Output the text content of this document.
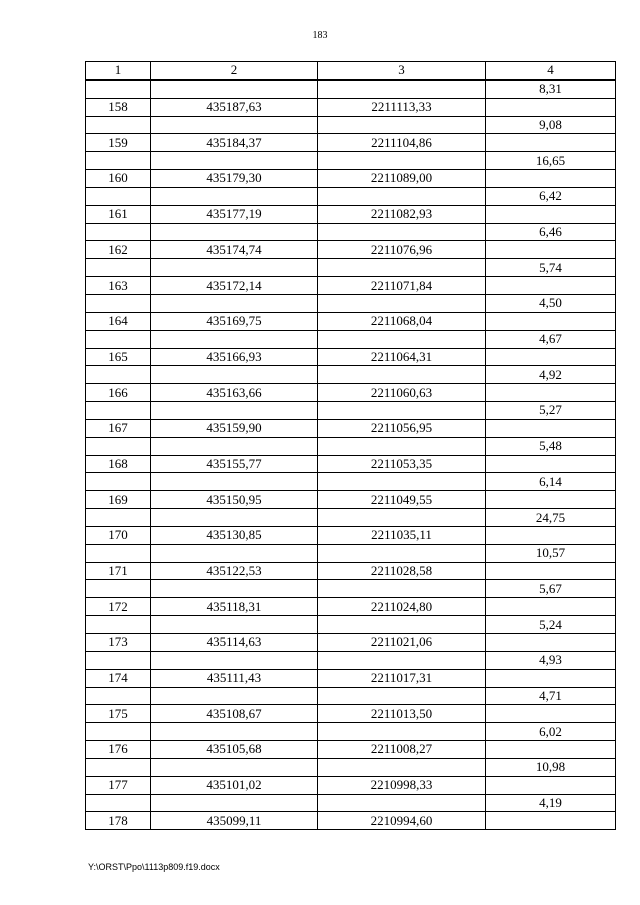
183
1	2	3	4
			8,31
158	435187,63	2211113,33	
			9,08
159	435184,37	2211104,86	
			16,65
160	435179,30	2211089,00	
			6,42
161	435177,19	2211082,93	
			6,46
162	435174,74	2211076,96	
			5,74
163	435172,14	2211071,84	
			4,50
164	435169,75	2211068,04	
			4,67
165	435166,93	2211064,31	
			4,92
166	435163,66	2211060,63	
			5,27
167	435159,90	2211056,95	
			5,48
168	435155,77	2211053,35	
			6,14
169	435150,95	2211049,55	
			24,75
170	435130,85	2211035,11	
			10,57
171	435122,53	2211028,58	
			5,67
172	435118,31	2211024,80	
			5,24
173	435114,63	2211021,06	
			4,93
174	435111,43	2211017,31	
			4,71
175	435108,67	2211013,50	
			6,02
176	435105,68	2211008,27	
			10,98
177	435101,02	2210998,33	
			4,19
178	435099,11	2210994,60	
Y:\ORST\Ppo\1113p809.f19.docx
